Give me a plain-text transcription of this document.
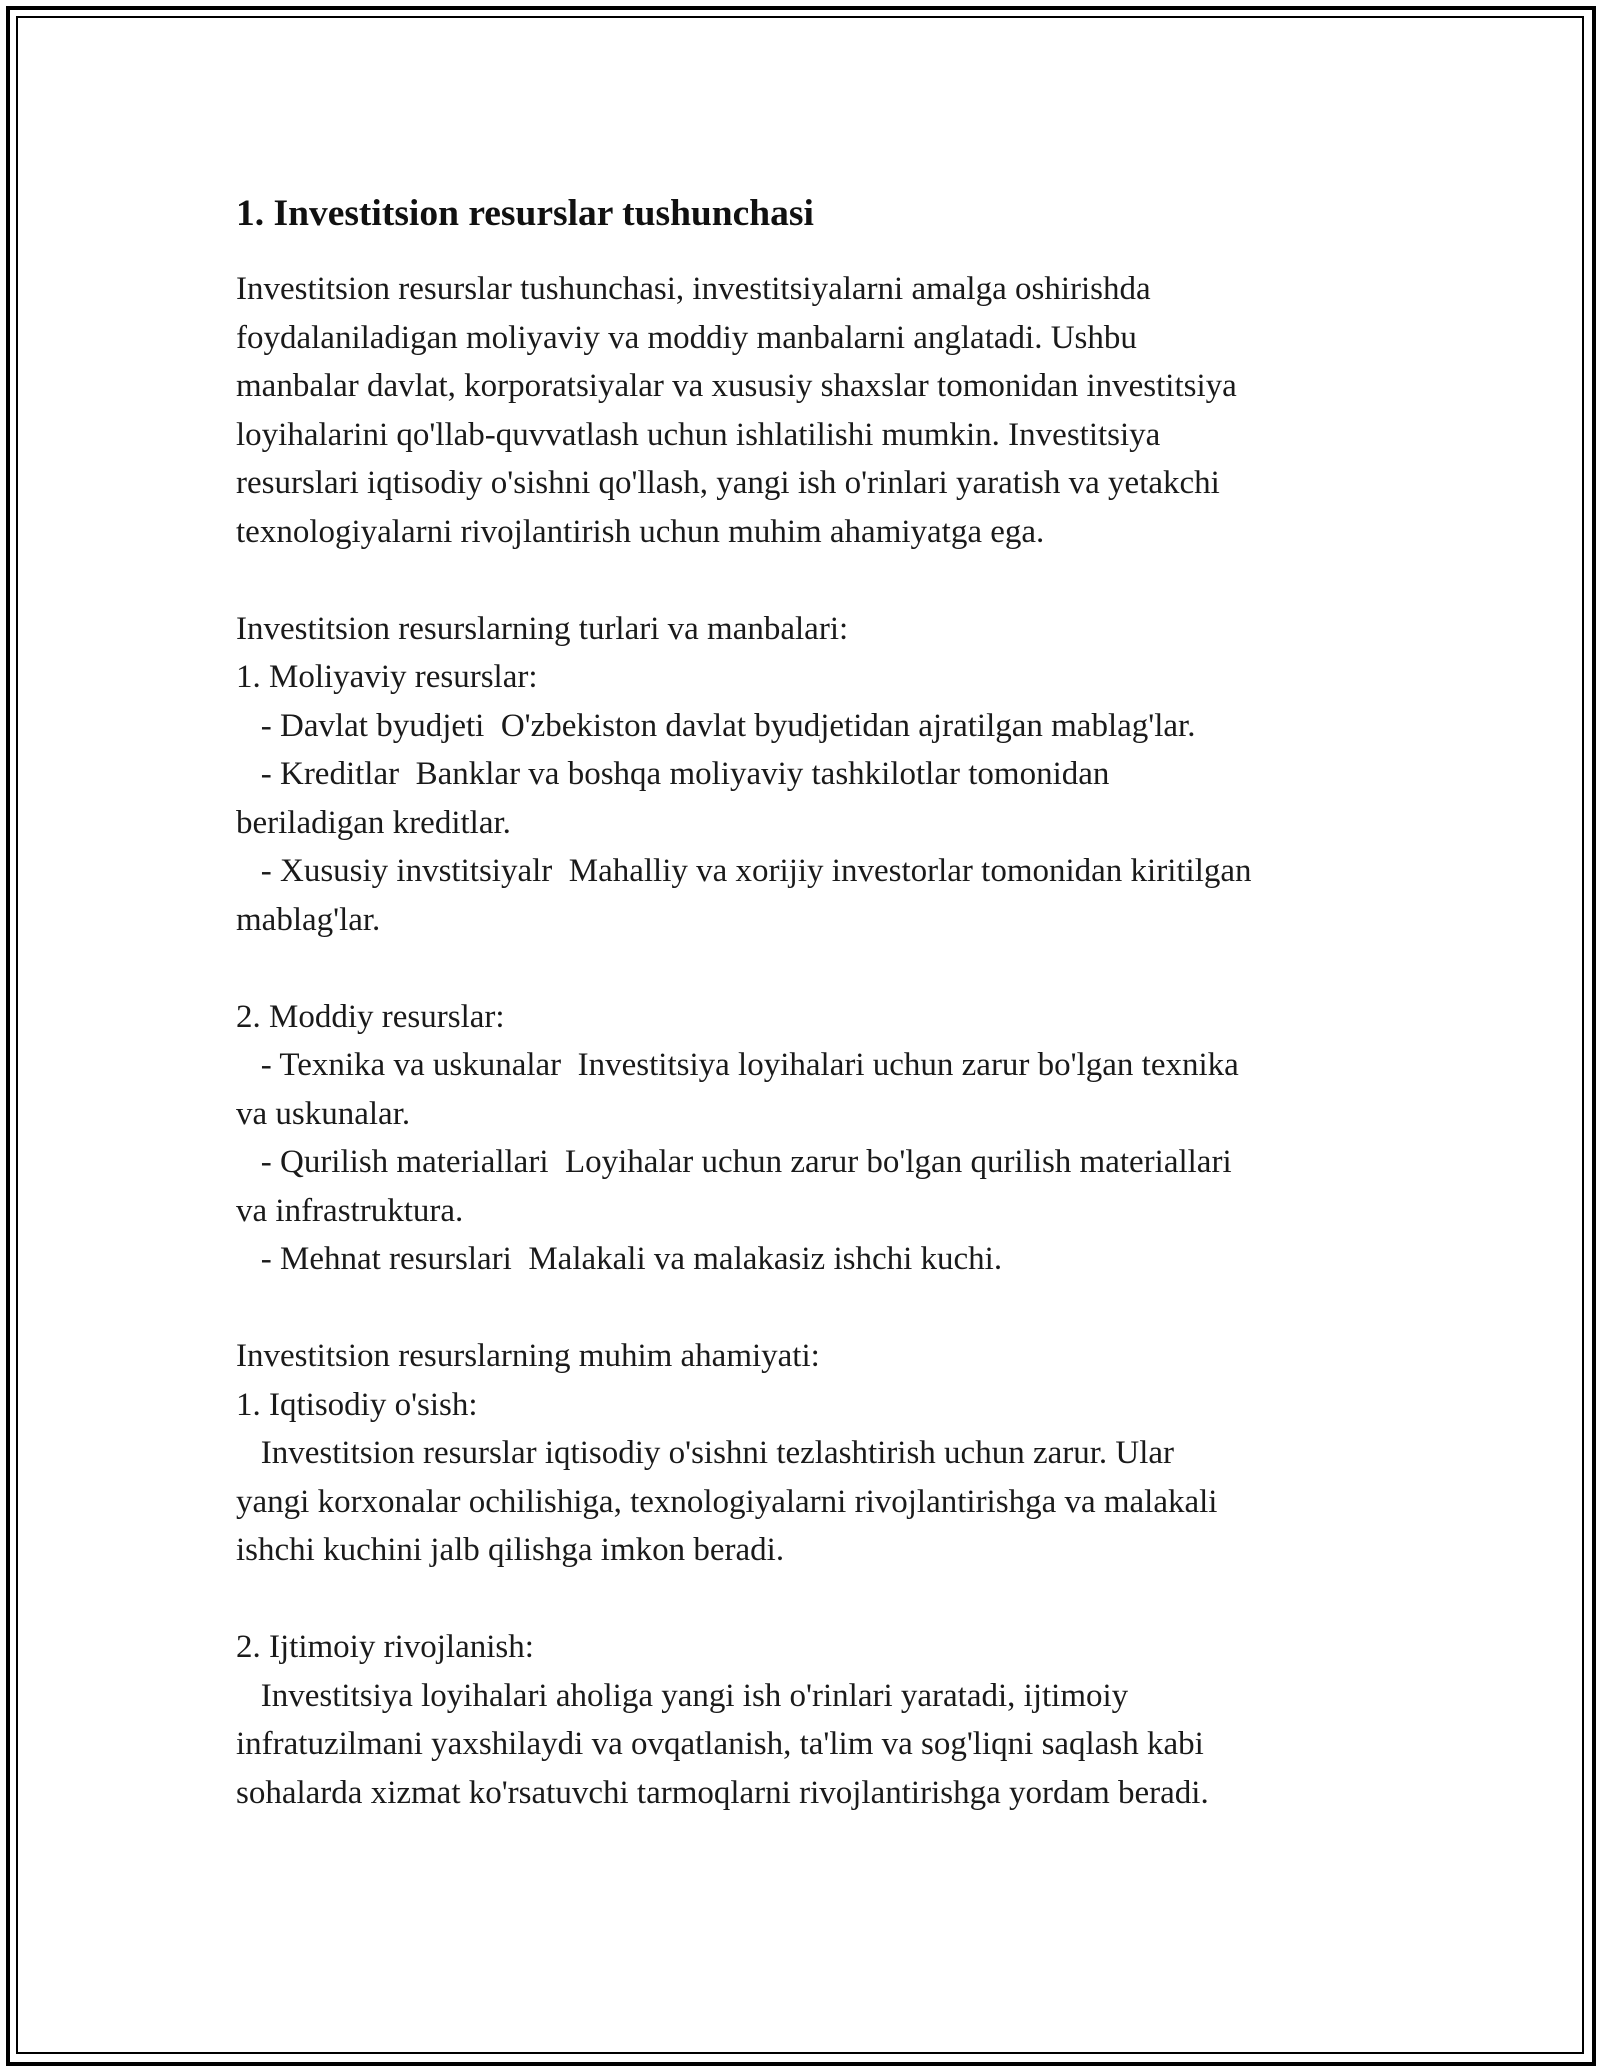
1. Investitsion resurslar tushunchasi

Investitsion resurslar tushunchasi, investitsiyalarni amalga oshirishda
foydalaniladigan moliyaviy va moddiy manbalarni anglatadi. Ushbu
manbalar davlat, korporatsiyalar va xususiy shaxslar tomonidan investitsiya
loyihalarini qo'llab-quvvatlash uchun ishlatilishi mumkin. Investitsiya
resurslari iqtisodiy o'sishni qo'llash, yangi ish o'rinlari yaratish va yetakchi
texnologiyalarni rivojlantirish uchun muhim ahamiyatga ega.

Investitsion resurslarning turlari va manbalari:

1. Moliyaviy resurslar:

- Davlat byudjeti  O'zbekiston davlat byudjetidan ajratilgan mablag'lar.

- Kreditlar  Banklar va boshqa moliyaviy tashkilotlar tomonidan
beriladigan kreditlar.

- Xususiy invstitsiyalr  Mahalliy va xorijiy investorlar tomonidan kiritilgan
mablag'lar.

2. Moddiy resurslar:

- Texnika va uskunalar  Investitsiya loyihalari uchun zarur bo'lgan texnika
va uskunalar.

- Qurilish materiallari  Loyihalar uchun zarur bo'lgan qurilish materiallari
va infrastruktura.

- Mehnat resurslari  Malakali va malakasiz ishchi kuchi.

Investitsion resurslarning muhim ahamiyati:

1. Iqtisodiy o'sish:

Investitsion resurslar iqtisodiy o'sishni tezlashtirish uchun zarur. Ular
yangi korxonalar ochilishiga, texnologiyalarni rivojlantirishga va malakali
ishchi kuchini jalb qilishga imkon beradi.

2. Ijtimoiy rivojlanish:

Investitsiya loyihalari aholiga yangi ish o'rinlari yaratadi, ijtimoiy
infratuzilmani yaxshilaydi va ovqatlanish, ta'lim va sog'liqni saqlash kabi
sohalarda xizmat ko'rsatuvchi tarmoqlarni rivojlantirishga yordam beradi.
